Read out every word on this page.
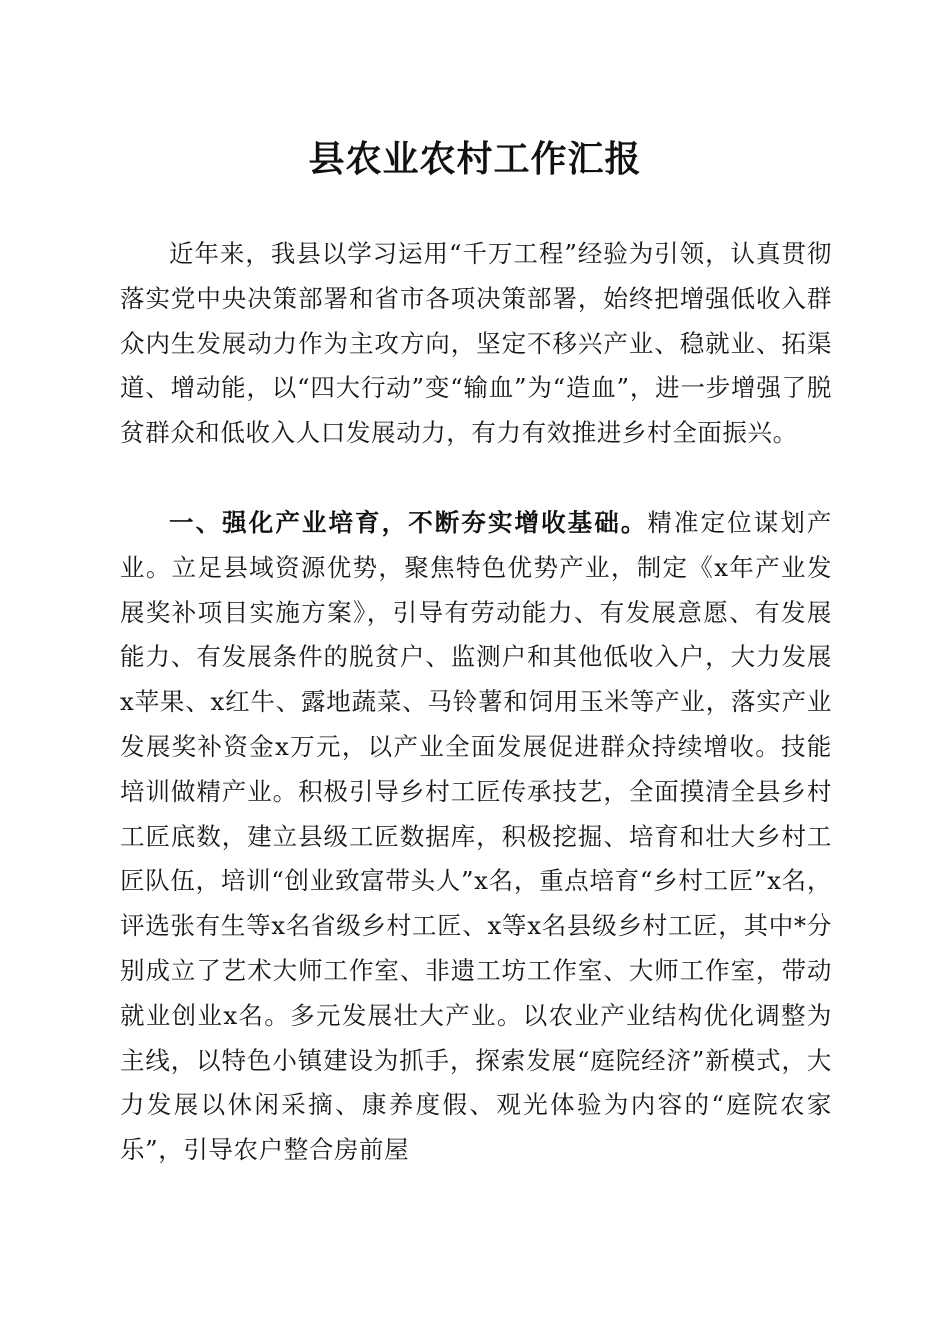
县农业农村工作汇报

近年来，我县以学习运用“千万工程”经验为引领，认真贯彻落实党中央决策部署和省市各项决策部署，始终把增强低收入群众内生发展动力作为主攻方向，坚定不移兴产业、稳就业、拓渠道、增动能，以“四大行动”变“输血”为“造血”，进一步增强了脱贫群众和低收入人口发展动力，有力有效推进乡村全面振兴。

一、强化产业培育，不断夯实增收基础。精准定位谋划产业。立足县域资源优势，聚焦特色优势产业，制定《x年产业发展奖补项目实施方案》，引导有劳动能力、有发展意愿、有发展能力、有发展条件的脱贫户、监测户和其他低收入户，大力发展x苹果、x红牛、露地蔬菜、马铃薯和饲用玉米等产业，落实产业发展奖补资金x万元，以产业全面发展促进群众持续增收。技能培训做精产业。积极引导乡村工匠传承技艺，全面摸清全县乡村工匠底数，建立县级工匠数据库，积极挖掘、培育和壮大乡村工匠队伍，培训“创业致富带头人”x名，重点培育“乡村工匠”x名，评选张有生等x名省级乡村工匠、x等x名县级乡村工匠，其中*分别成立了艺术大师工作室、非遗工坊工作室、大师工作室，带动就业创业x名。多元发展壮大产业。以农业产业结构优化调整为主线，以特色小镇建设为抓手，探索发展“庭院经济”新模式，大力发展以休闲采摘、康养度假、观光体验为内容的“庭院农家乐”，引导农户整合房前屋
